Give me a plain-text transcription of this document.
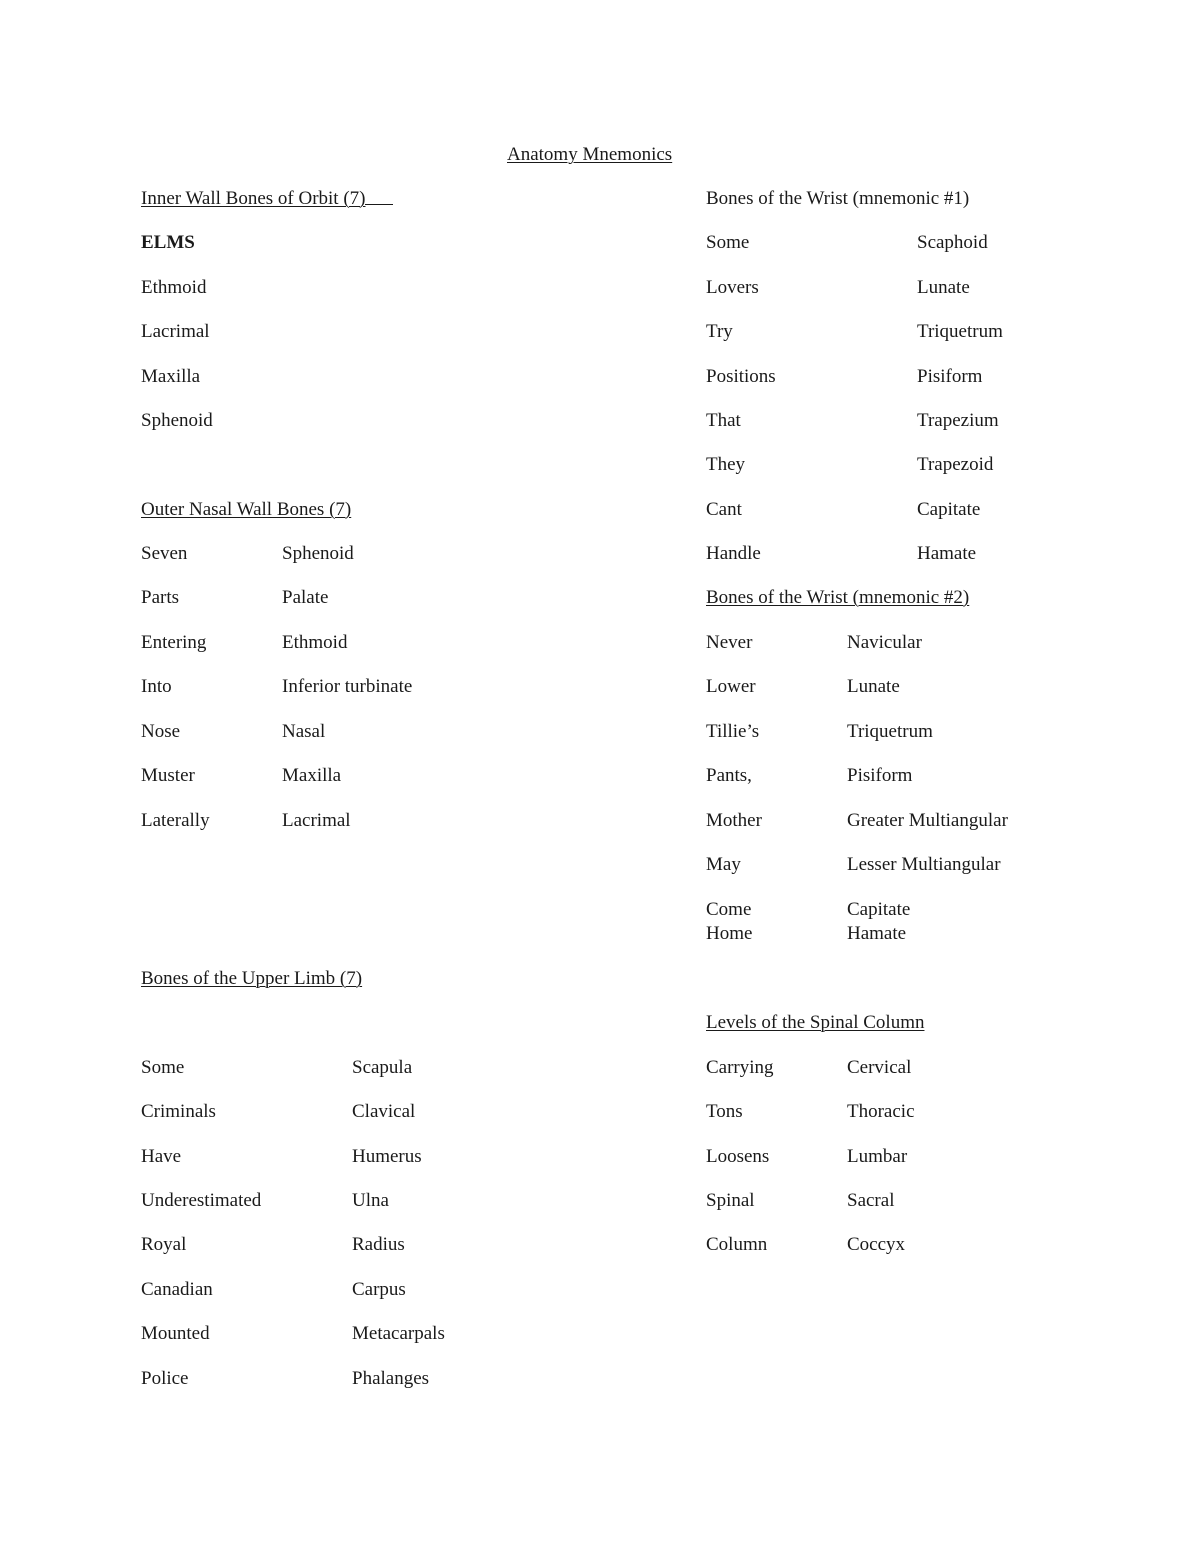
Anatomy Mnemonics
Inner Wall Bones of Orbit (7)
ELMS
Ethmoid
Lacrimal
Maxilla
Sphenoid
Outer Nasal Wall Bones (7)
Seven	Sphenoid
Parts	Palate
Entering	Ethmoid
Into	Inferior turbinate
Nose	Nasal
Muster	Maxilla
Laterally	Lacrimal
Bones of the Upper Limb (7)
Some	Scapula
Criminals	Clavical
Have	Humerus
Underestimated	Ulna
Royal	Radius
Canadian	Carpus
Mounted	Metacarpals
Police	Phalanges
Bones of the Wrist (mnemonic #1)
Some	Scaphoid
Lovers	Lunate
Try	Triquetrum
Positions	Pisiform
That	Trapezium
They	Trapezoid
Cant	Capitate
Handle	Hamate
Bones of the Wrist (mnemonic #2)
Never	Navicular
Lower	Lunate
Tillie’s	Triquetrum
Pants,	Pisiform
Mother	Greater Multiangular
May	Lesser Multiangular
Come	Capitate
Home	Hamate
Levels of the Spinal Column
Carrying	Cervical
Tons	Thoracic
Loosens	Lumbar
Spinal	Sacral
Column	Coccyx
